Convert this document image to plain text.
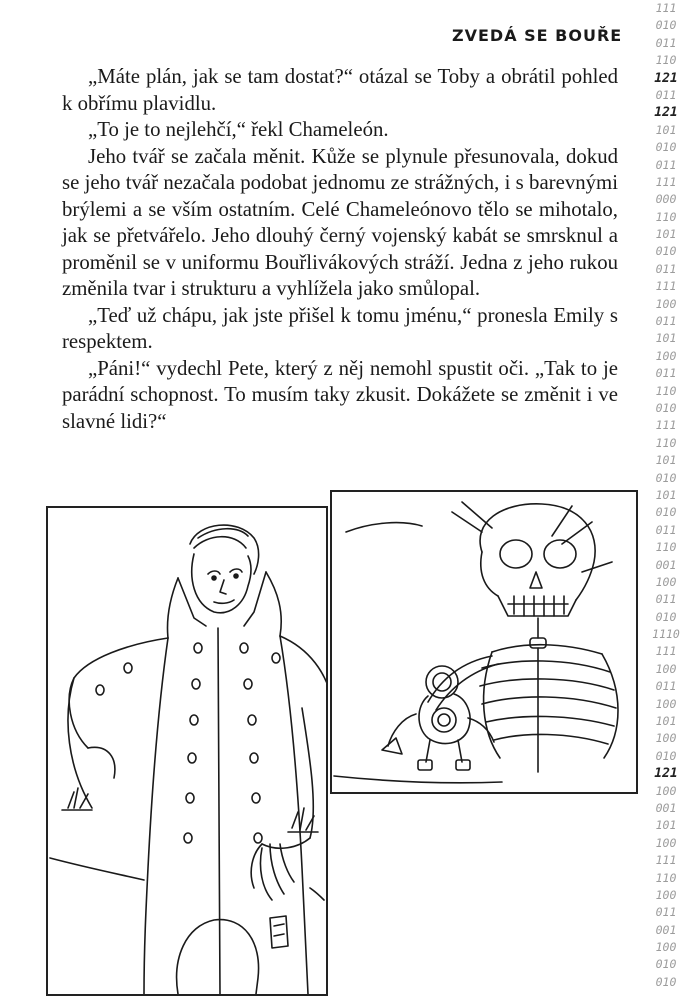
ZVEDÁ SE BOUŘE

„Máte plán, jak se tam dostat?“ otázal se Toby a obrátil pohled k obřímu plavidlu.

„To je to nejlehčí,“ řekl Chameleón.

Jeho tvář se začala měnit. Kůže se plynule přesunovala, dokud se jeho tvář nezačala podobat jednomu ze strážných, i s barevnými brýlemi a se vším ostatním. Celé Chameleónovo tělo se mihotalo, jak se přetvářelo. Jeho dlouhý černý vojenský kabát se smrsknul a proměnil se v uniformu Bouřlivákových stráží. Jedna z jeho rukou změnila tvar i strukturu a vyhlížela jako smůlopal.

„Teď už chápu, jak jste přišel k tomu jménu,“ pronesla Emily s respektem.

„Páni!“ vydechl Pete, který z něj nemohl spustit oči. „Tak to je parádní schopnost. To musím taky zkusit. Dokážete se změnit i ve slavné lidi?“

111
010
011
110
121
011
121
101
010
011
111
000
110
101
010
011
111
100
011
101
100
011
110
010
111
110
101
010
101
010
011
110
001
100
011
010
1110
111
100
011
100
101
100
010
121
100
001
101
100
111
110
100
011
001
100
010
010
